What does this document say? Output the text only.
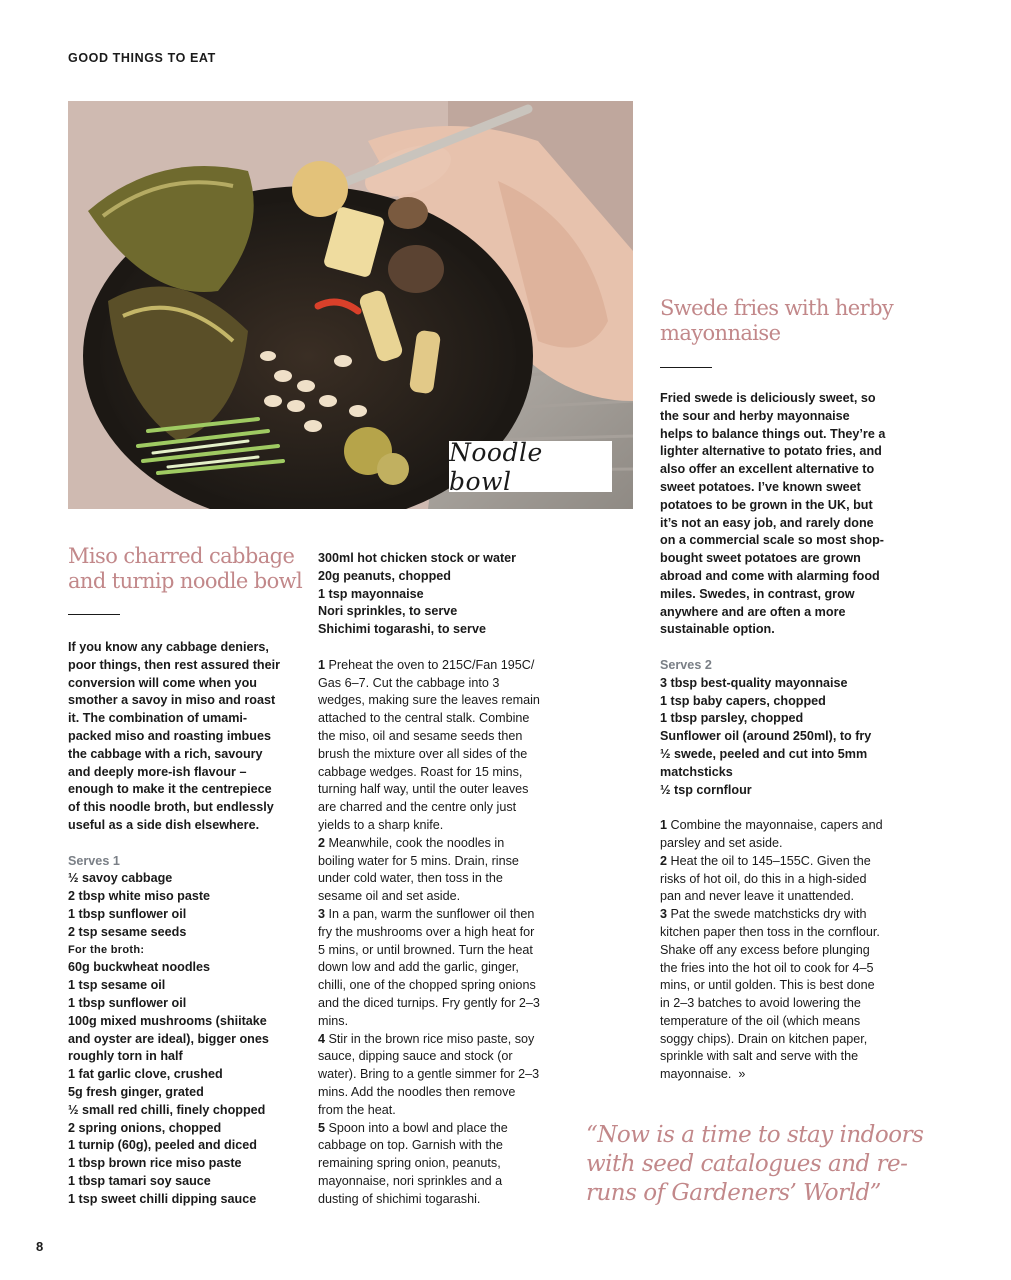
GOOD THINGS TO EAT
Noodle bowl
Miso charred cabbage and turnip noodle bowl

If you know any cabbage deniers, poor things, then rest assured their conversion will come when you smother a savoy in miso and roast it. The combination of umami-packed miso and roasting imbues the cabbage with a rich, savoury and deeply more-ish flavour – enough to make it the centrepiece of this noodle broth, but endlessly useful as a side dish elsewhere.

Serves 1

½ savoy cabbage

2 tbsp white miso paste

1 tbsp sunflower oil

2 tsp sesame seeds

For the broth:

60g buckwheat noodles

1 tsp sesame oil

1 tbsp sunflower oil

100g mixed mushrooms (shiitake and oyster are ideal), bigger ones roughly torn in half

1 fat garlic clove, crushed

5g fresh ginger, grated

½ small red chilli, finely chopped

2 spring onions, chopped

1 turnip (60g), peeled and diced

1 tbsp brown rice miso paste

1 tbsp tamari soy sauce

1 tsp sweet chilli dipping sauce

300ml hot chicken stock or water

20g peanuts, chopped

1 tsp mayonnaise

Nori sprinkles, to serve

Shichimi togarashi, to serve

1 Preheat the oven to 215C/Fan 195C/ Gas 6–7. Cut the cabbage into 3 wedges, making sure the leaves remain attached to the central stalk. Combine the miso, oil and sesame seeds then brush the mixture over all sides of the cabbage wedges. Roast for 15 mins, turning half way, until the outer leaves are charred and the centre only just yields to a sharp knife.

2 Meanwhile, cook the noodles in boiling water for 5 mins. Drain, rinse under cold water, then toss in the sesame oil and set aside.

3 In a pan, warm the sunflower oil then fry the mushrooms over a high heat for 5 mins, or until browned. Turn the heat down low and add the garlic, ginger, chilli, one of the chopped spring onions and the diced turnips. Fry gently for 2–3 mins.

4 Stir in the brown rice miso paste, soy sauce, dipping sauce and stock (or water). Bring to a gentle simmer for 2–3 mins. Add the noodles then remove from the heat.

5 Spoon into a bowl and place the cabbage on top. Garnish with the remaining spring onion, peanuts, mayonnaise, nori sprinkles and a dusting of shichimi togarashi.

Swede fries with herby mayonnaise

Fried swede is deliciously sweet, so the sour and herby mayonnaise helps to balance things out. They’re a lighter alternative to potato fries, and also offer an excellent alternative to sweet potatoes. I’ve known sweet potatoes to be grown in the UK, but it’s not an easy job, and rarely done on a commercial scale so most shop-bought sweet potatoes are grown abroad and come with alarming food miles. Swedes, in contrast, grow anywhere and are often a more sustainable option.

Serves 2

3 tbsp best-quality mayonnaise

1 tsp baby capers, chopped

1 tbsp parsley, chopped

Sunflower oil (around 250ml), to fry

½ swede, peeled and cut into 5mm matchsticks

½ tsp cornflour

1 Combine the mayonnaise, capers and parsley and set aside.

2 Heat the oil to 145–155C. Given the risks of hot oil, do this in a high-sided pan and never leave it unattended.

3 Pat the swede matchsticks dry with kitchen paper then toss in the cornflour. Shake off any excess before plunging the fries into the hot oil to cook for 4–5 mins, or until golden. This is best done in 2–3 batches to avoid lowering the temperature of the oil (which means soggy chips). Drain on kitchen paper, sprinkle with salt and serve with the mayonnaise. »

“Now is a time to stay indoors with seed catalogues and re-runs of Gardeners’ World”
8
